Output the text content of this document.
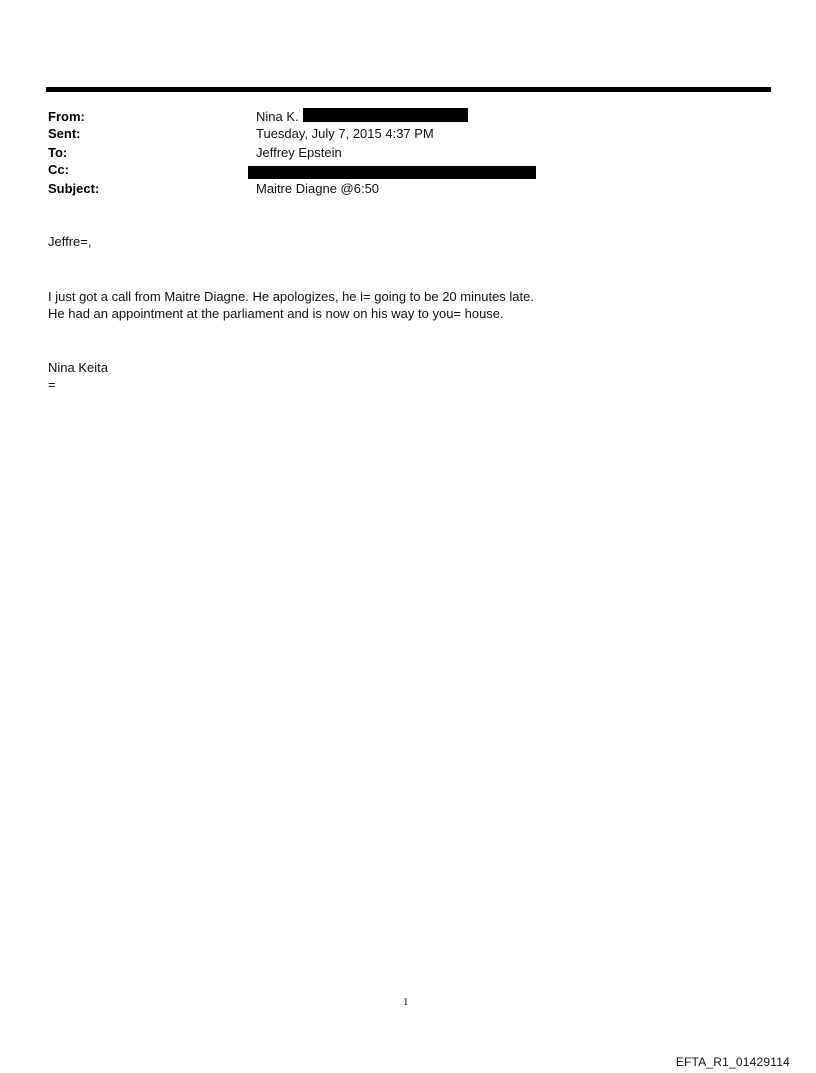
From:	Nina K.
Sent:	Tuesday, July 7, 2015 4:37 PM
To:	Jeffrey Epstein
Cc:
Subject:	Maitre Diagne @6:50
Jeffre=,
I just got a call from Maitre Diagne. He apologizes, he i= going to be 20 minutes late.
He had an appointment at the parliament and is now on his way to you= house.
Nina Keita
=
1
EFTA_R1_01429114
